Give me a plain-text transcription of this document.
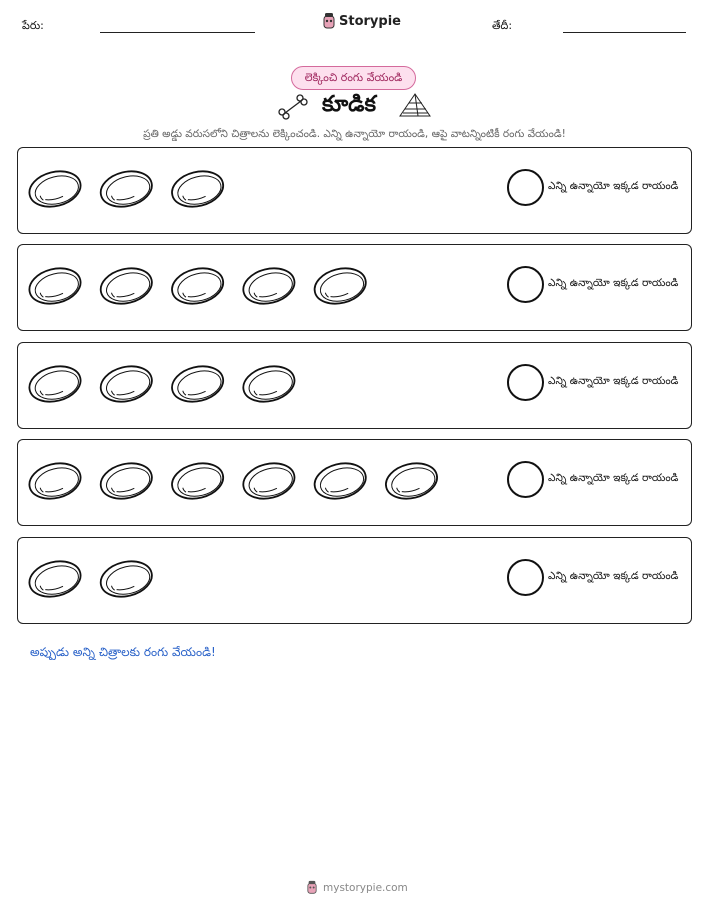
పేరు:	Storypie	తేదీ:
లెక్కించి రంగు వేయండి
కూడిక
ప్రతి అడ్డు వరుసలోని చిత్రాలను లెక్కించండి. ఎన్ని ఉన్నాయో రాయండి, ఆపై వాటన్నింటికీ రంగు వేయండి!
ఎన్ని ఉన్నాయో ఇక్కడ రాయండి
ఎన్ని ఉన్నాయో ఇక్కడ రాయండి
ఎన్ని ఉన్నాయో ఇక్కడ రాయండి
ఎన్ని ఉన్నాయో ఇక్కడ రాయండి
ఎన్ని ఉన్నాయో ఇక్కడ రాయండి
అప్పుడు అన్ని చిత్రాలకు రంగు వేయండి!
mystorypie.com
